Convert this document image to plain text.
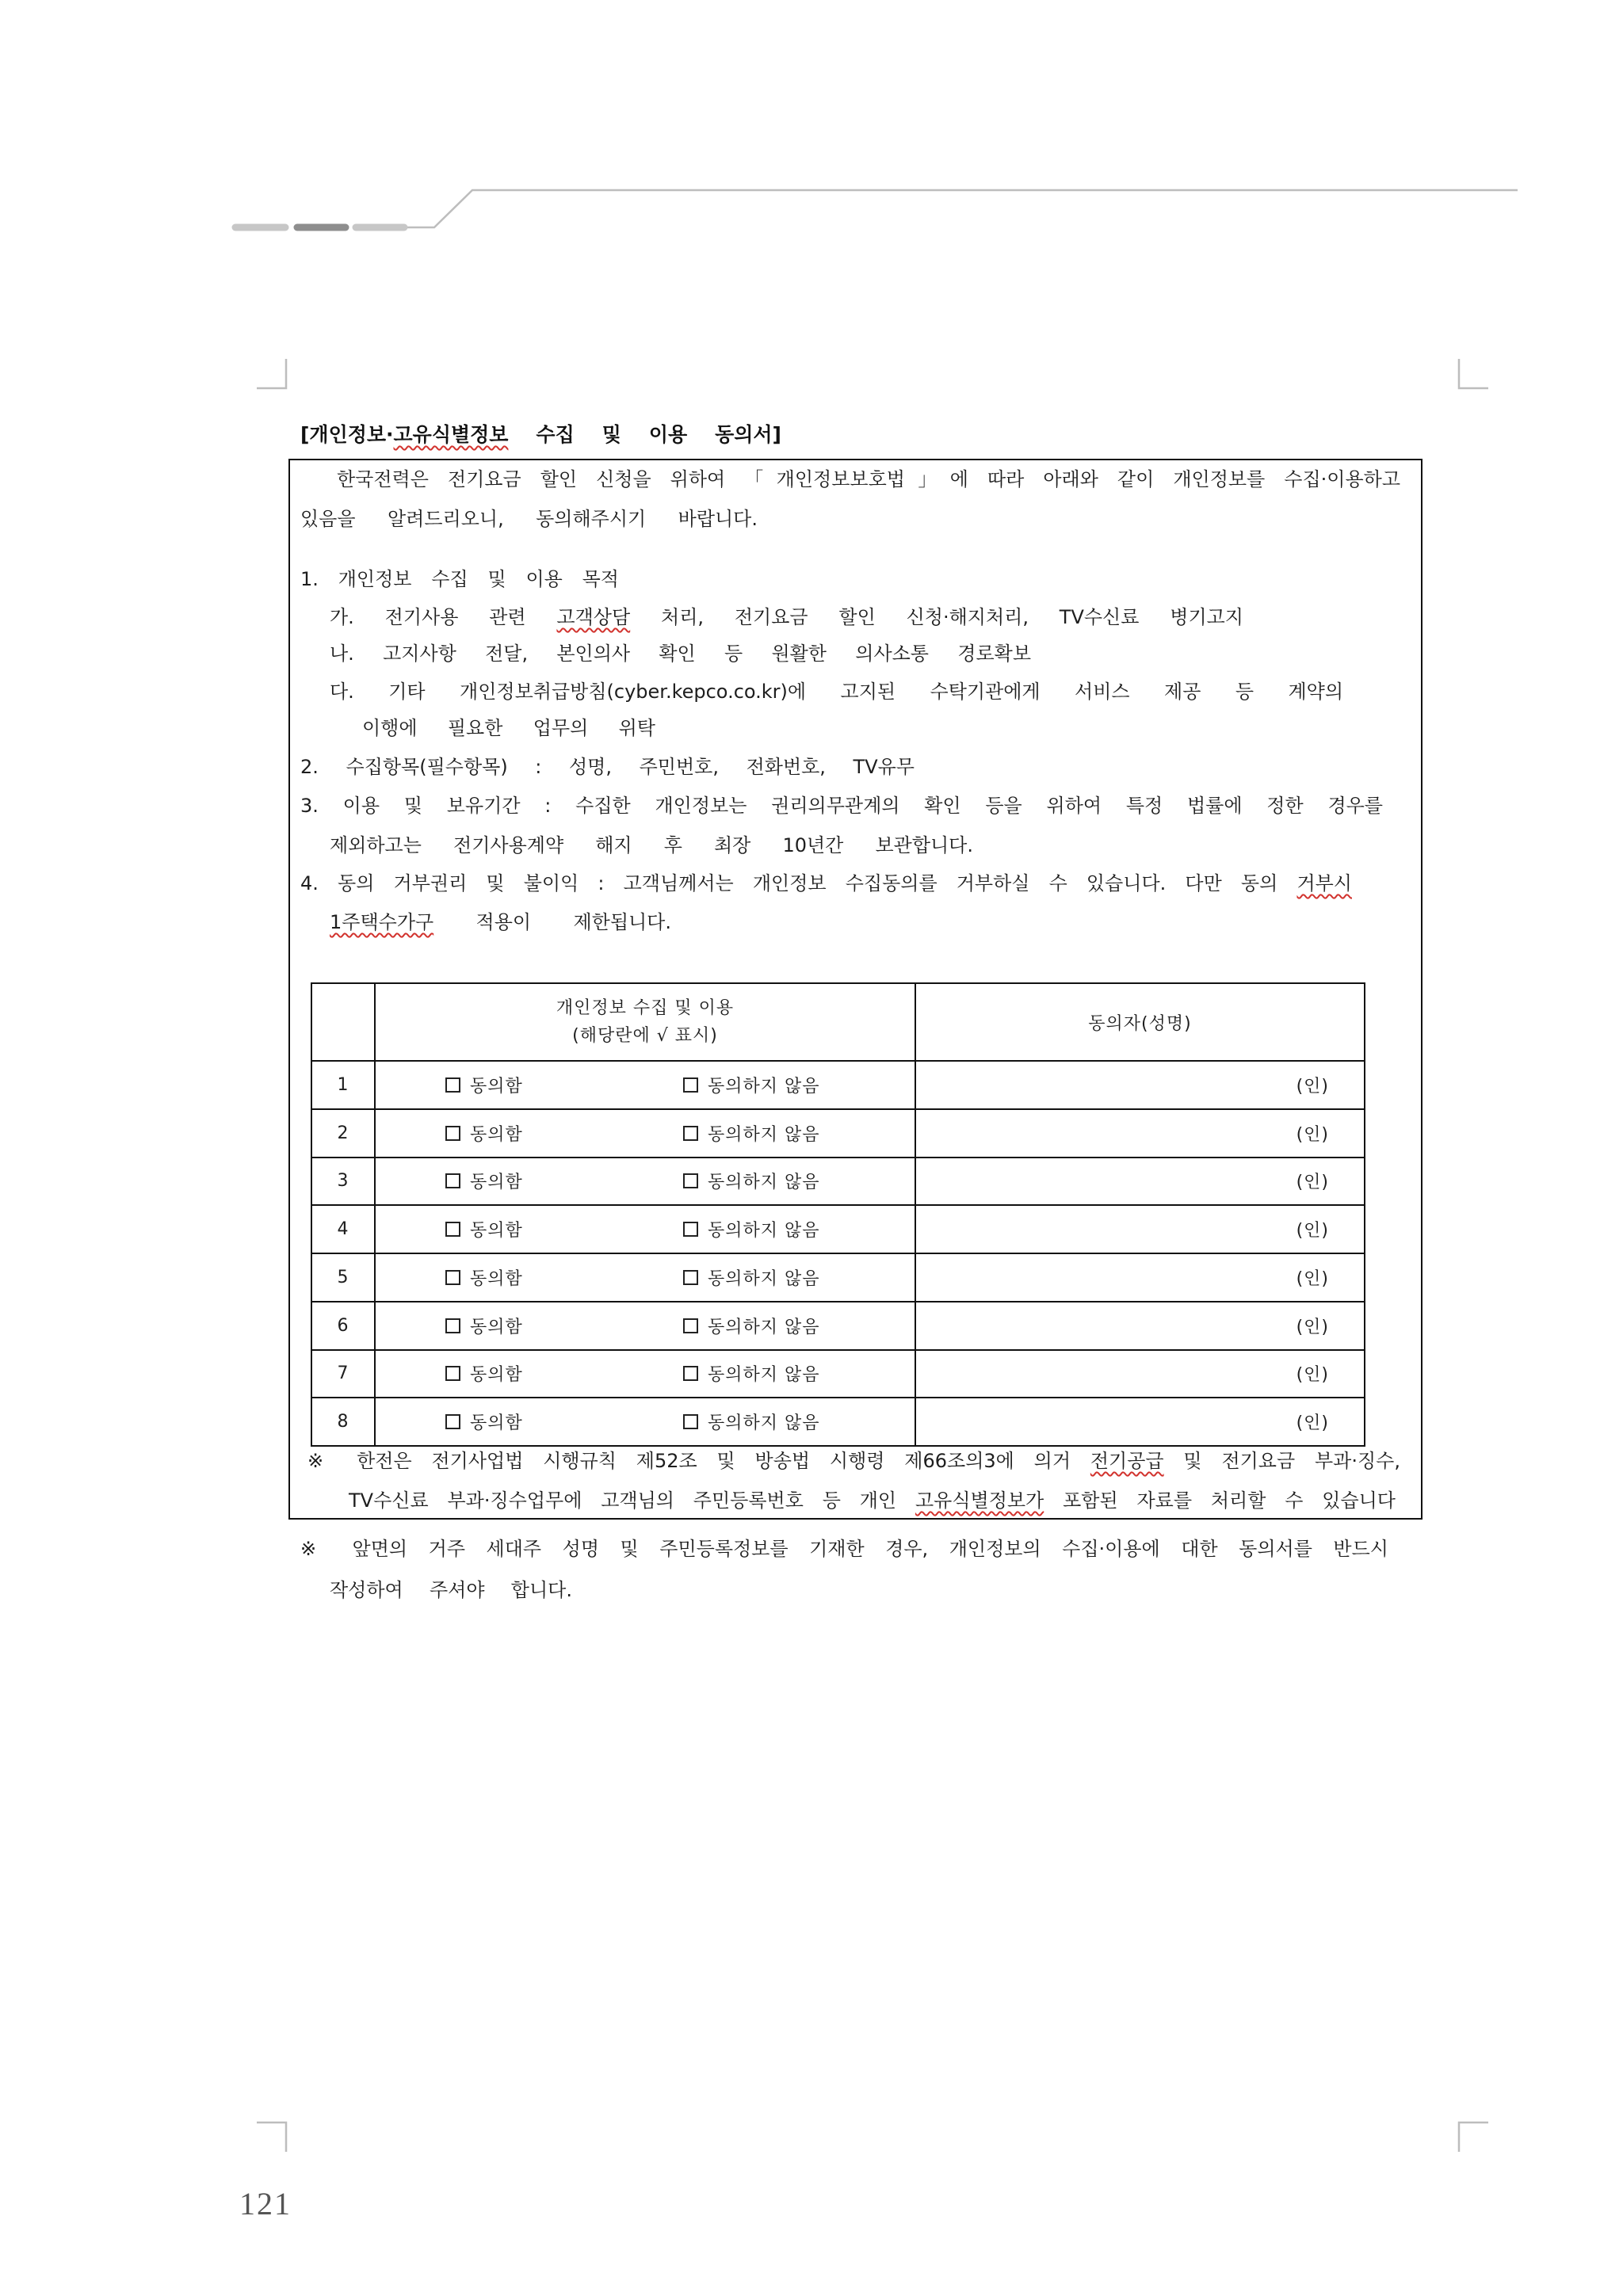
[개인정보·고유식별정보 수집 및 이용 동의서]
한국전력은 전기요금 할인 신청을 위하여 「개인정보보호법」에 따라 아래와 같이 개인정보를 수집·이용하고
있음을 알려드리오니, 동의해주시기 바랍니다.
1. 개인정보 수집 및 이용 목적
가. 전기사용 관련 고객상담 처리, 전기요금 할인 신청·해지처리, TV수신료 병기고지
나. 고지사항 전달, 본인의사 확인 등 원활한 의사소통 경로확보
다. 기타 개인정보취급방침(cyber.kepco.co.kr)에 고지된 수탁기관에게 서비스 제공 등 계약의
이행에 필요한 업무의 위탁
2. 수집항목(필수항목) : 성명, 주민번호, 전화번호, TV유무
3. 이용 및 보유기간 : 수집한 개인정보는 권리의무관계의 확인 등을 위하여 특정 법률에 정한 경우를
제외하고는 전기사용계약 해지 후 최장 10년간 보관합니다.
4. 동의 거부권리 및 불이익 : 고객님께서는 개인정보 수집동의를 거부하실 수 있습니다. 다만 동의 거부시
1주택수가구 적용이 제한됩니다.

	개인정보 수집 및 이용
(해당란에 √ 표시)	동의자(성명)
1	동의함 동의하지 않음	(인)
2	동의함 동의하지 않음	(인)
3	동의함 동의하지 않음	(인)
4	동의함 동의하지 않음	(인)
5	동의함 동의하지 않음	(인)
6	동의함 동의하지 않음	(인)
7	동의함 동의하지 않음	(인)
8	동의함 동의하지 않음	(인)
※ 한전은 전기사업법 시행규칙 제52조 및 방송법 시행령 제66조의3에 의거 전기공급 및 전기요금 부과·징수,
TV수신료 부과·징수업무에 고객님의 주민등록번호 등 개인 고유식별정보가 포함된 자료를 처리할 수 있습니다
※ 앞면의 거주 세대주 성명 및 주민등록정보를 기재한 경우, 개인정보의 수집·이용에 대한 동의서를 반드시
작성하여 주셔야 합니다.
121
